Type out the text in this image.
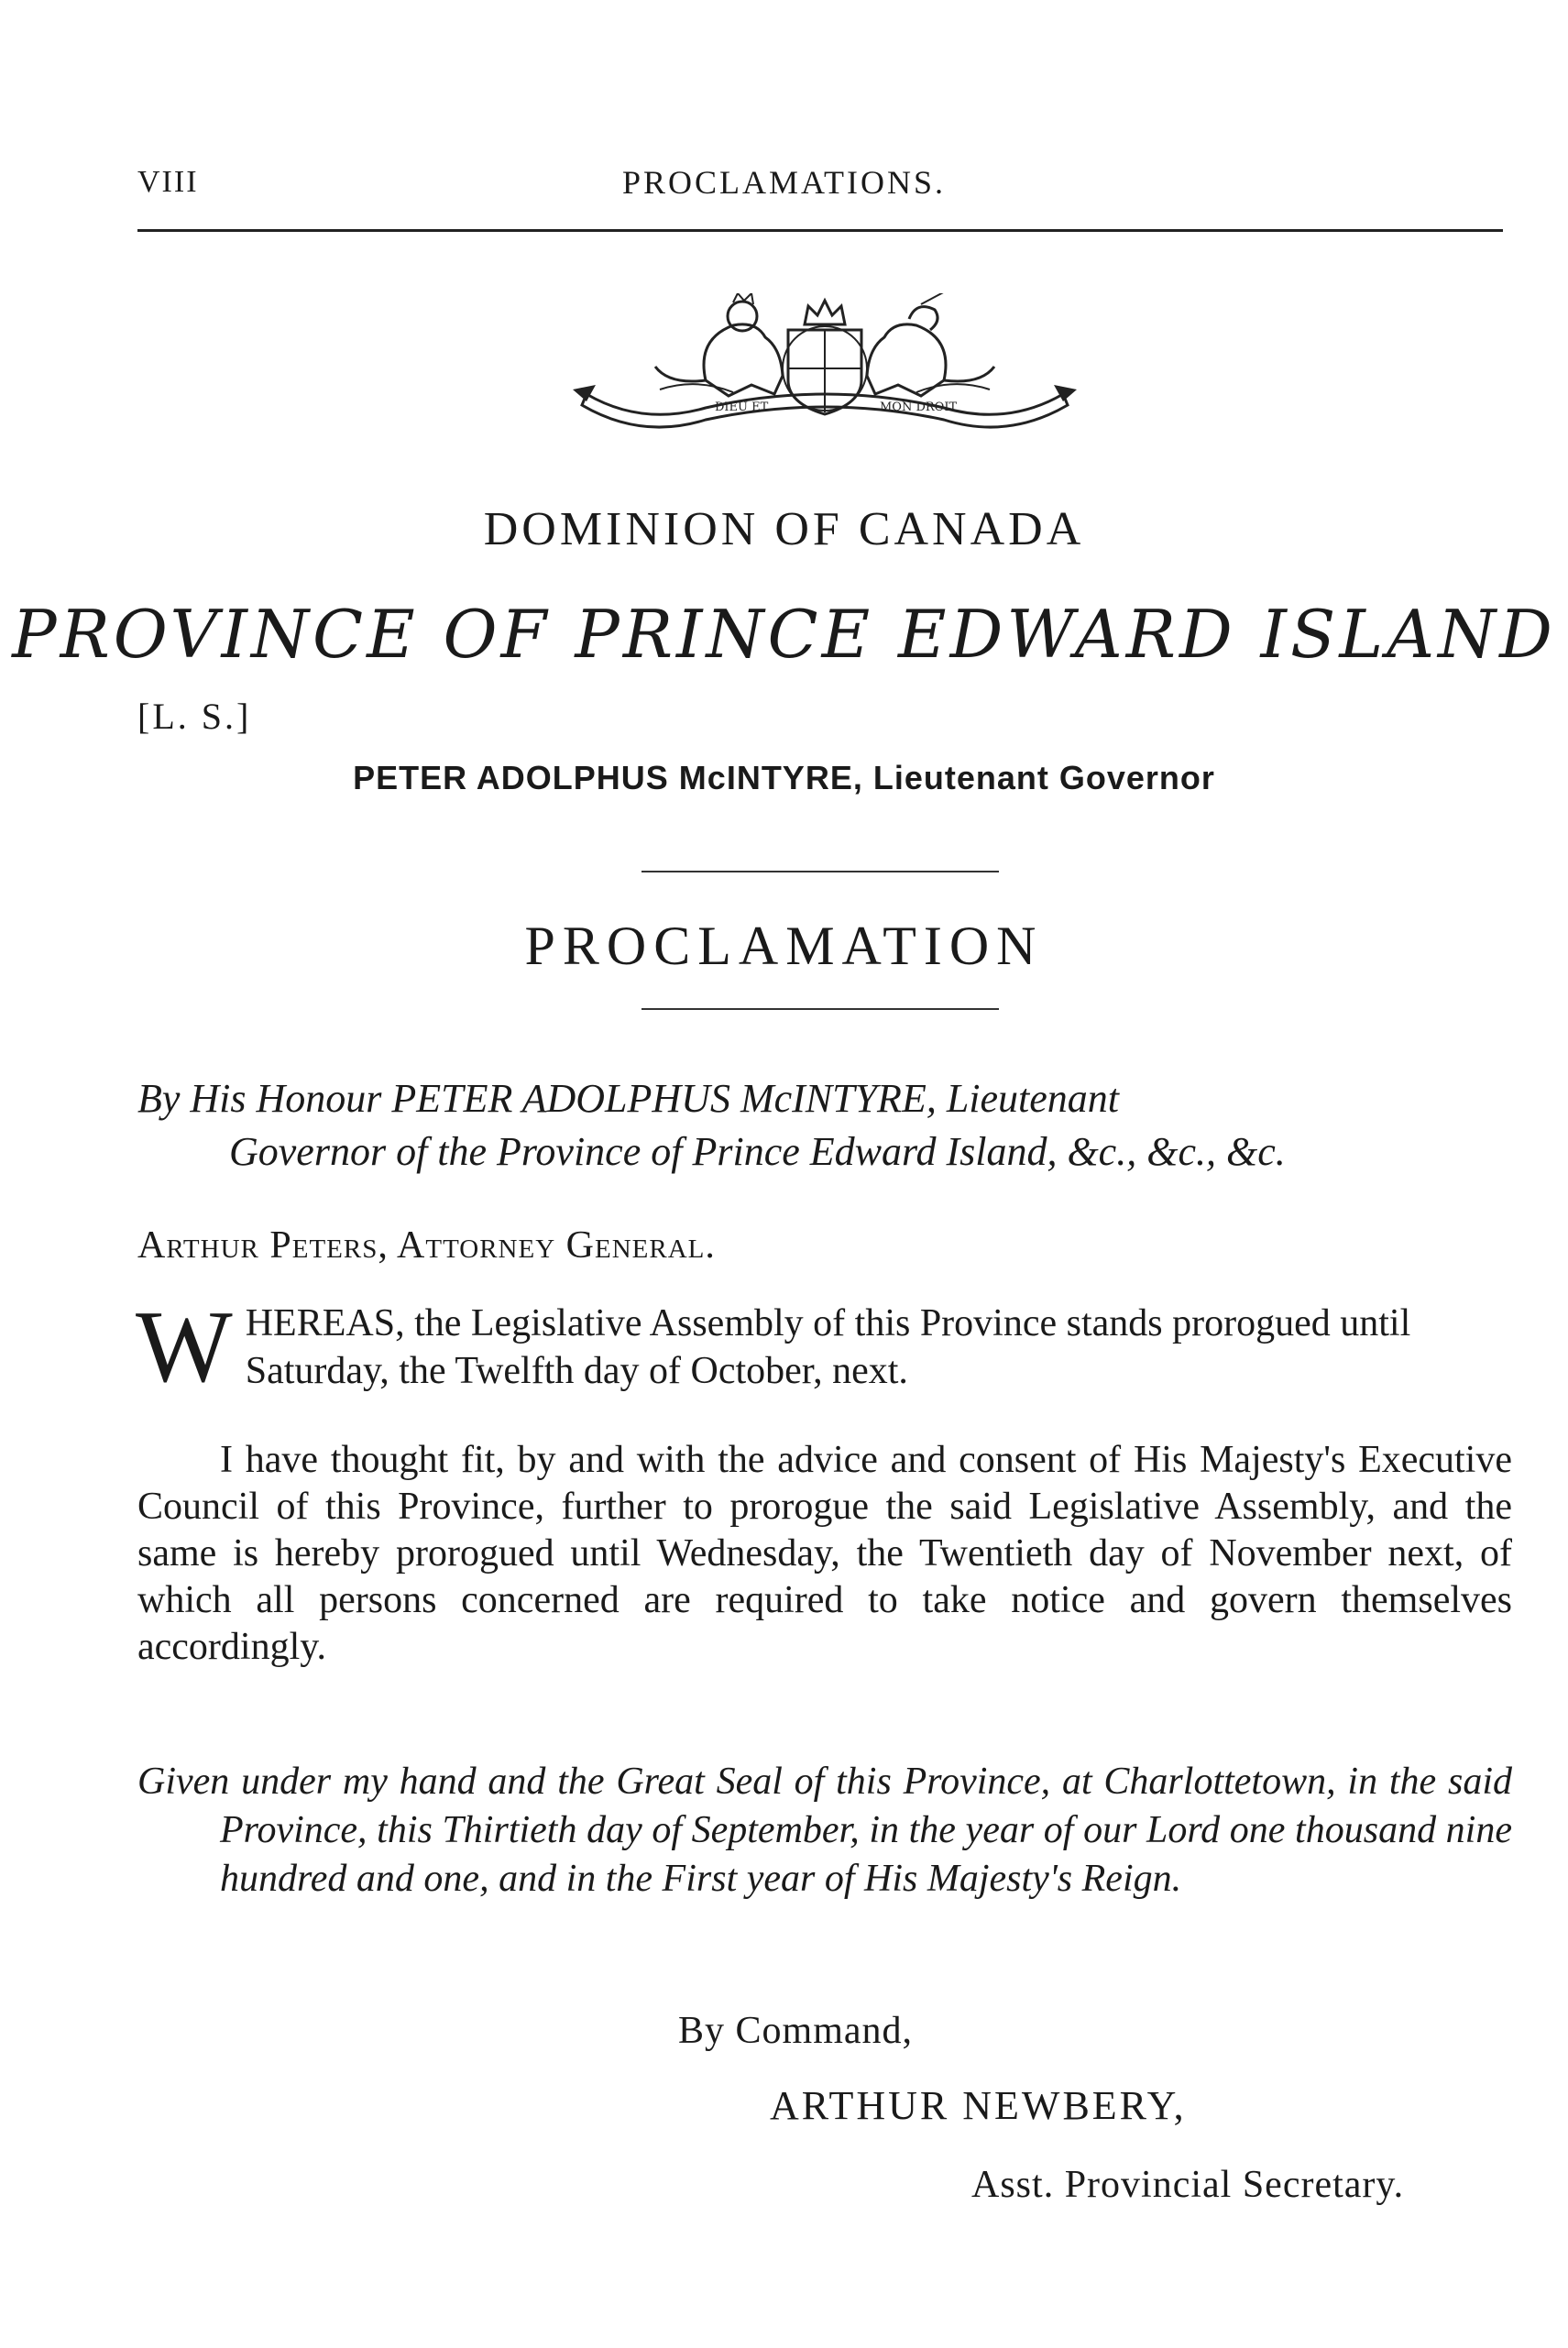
VIII	PROCLAMATIONS.
DIEU ET	MON DROIT
DOMINION OF CANADA
PROVINCE OF PRINCE EDWARD ISLAND
[L. S.]
PETER ADOLPHUS McINTYRE, Lieutenant Governor
PROCLAMATION
By His Honour PETER ADOLPHUS McINTYRE, Lieutenant
Governor of the Province of Prince Edward Island, &c., &c., &c.
Arthur Peters, Attorney General.
W HEREAS, the Legislative Assembly of this Province stands prorogued until Saturday, the Twelfth day of October, next.
I have thought fit, by and with the advice and consent of His Majesty's Executive Council of this Province, further to prorogue the said Legislative Assembly, and the same is hereby prorogued until Wednesday, the Twentieth day of November next, of which all persons concerned are required to take notice and govern themselves accordingly.
Given under my hand and the Great Seal of this Province, at Charlottetown, in the said Province, this Thirtieth day of September, in the year of our Lord one thousand nine hundred and one, and in the First year of His Majesty's Reign.
By Command,
ARTHUR NEWBERY,
Asst. Provincial Secretary.
